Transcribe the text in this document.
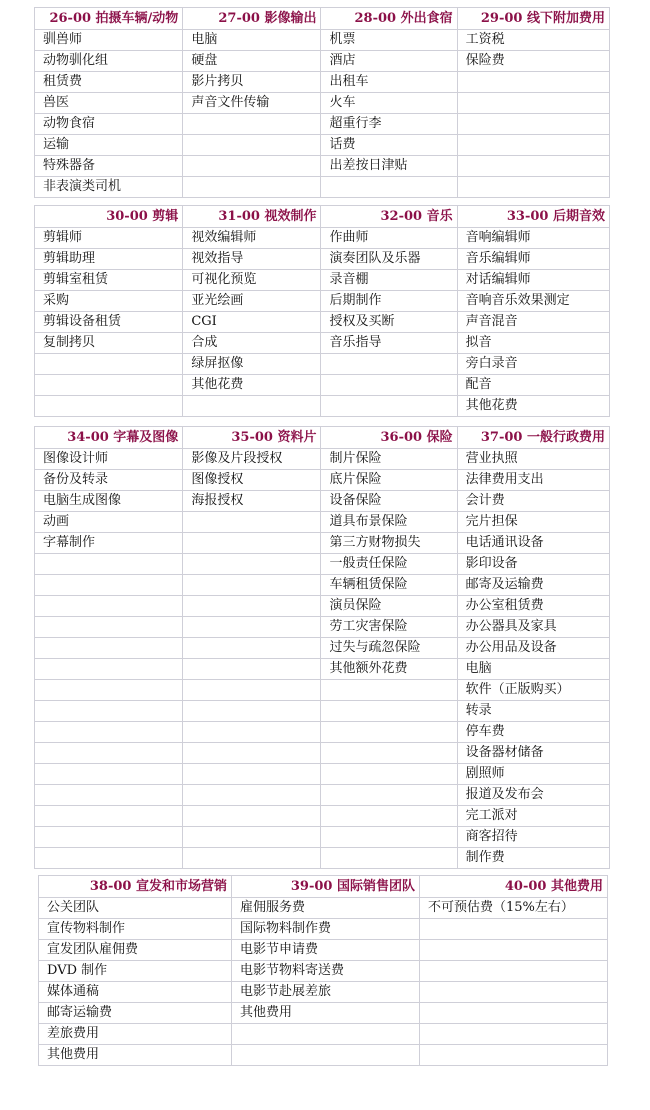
26-00 拍摄车辆/动物	27-00 影像输出	28-00 外出食宿	29-00 线下附加费用
驯兽师	电脑	机票	工资税
动物驯化组	硬盘	酒店	保险费
租赁费	影片拷贝	出租车	
兽医	声音文件传输	火车	
动物食宿		超重行李	
运输		话费	
特殊器备		出差按日津贴	
非表演类司机			
30-00 剪辑	31-00 视效制作	32-00 音乐	33-00 后期音效
剪辑师	视效编辑师	作曲师	音响编辑师
剪辑助理	视效指导	演奏团队及乐器	音乐编辑师
剪辑室租赁	可视化预览	录音棚	对话编辑师
采购	亚光绘画	后期制作	音响音乐效果测定
剪辑设备租赁	CGI	授权及买断	声音混音
复制拷贝	合成	音乐指导	拟音
	绿屏抠像		旁白录音
	其他花费		配音
			其他花费
34-00 字幕及图像	35-00 资料片	36-00 保险	37-00 一般行政费用
图像设计师	影像及片段授权	制片保险	营业执照
备份及转录	图像授权	底片保险	法律费用支出
电脑生成图像	海报授权	设备保险	会计费
动画		道具布景保险	完片担保
字幕制作		第三方财物损失	电话通讯设备
		一般责任保险	影印设备
		车辆租赁保险	邮寄及运输费
		演员保险	办公室租赁费
		劳工灾害保险	办公器具及家具
		过失与疏忽保险	办公用品及设备
		其他额外花费	电脑
			软件（正版购买）
			转录
			停车费
			设备器材储备
			剧照师
			报道及发布会
			完工派对
			商客招待
			制作费
38-00 宣发和市场营销	39-00 国际销售团队	40-00 其他费用
公关团队	雇佣服务费	不可预估费（15%左右）
宣传物料制作	国际物料制作费	
宣发团队雇佣费	电影节申请费	
DVD 制作	电影节物料寄送费	
媒体通稿	电影节赴展差旅	
邮寄运输费	其他费用	
差旅费用		
其他费用		
